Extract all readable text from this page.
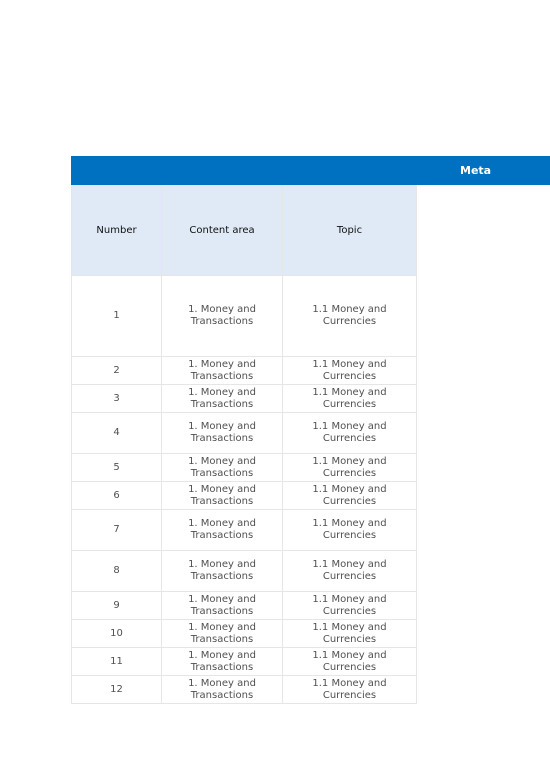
Meta
Number	Content area	Topic
1	1. Money and Transactions	1.1 Money and Currencies
2	1. Money and Transactions	1.1 Money and Currencies
3	1. Money and Transactions	1.1 Money and Currencies
4	1. Money and Transactions	1.1 Money and Currencies
5	1. Money and Transactions	1.1 Money and Currencies
6	1. Money and Transactions	1.1 Money and Currencies
7	1. Money and Transactions	1.1 Money and Currencies
8	1. Money and Transactions	1.1 Money and Currencies
9	1. Money and Transactions	1.1 Money and Currencies
10	1. Money and Transactions	1.1 Money and Currencies
11	1. Money and Transactions	1.1 Money and Currencies
12	1. Money and Transactions	1.1 Money and Currencies
